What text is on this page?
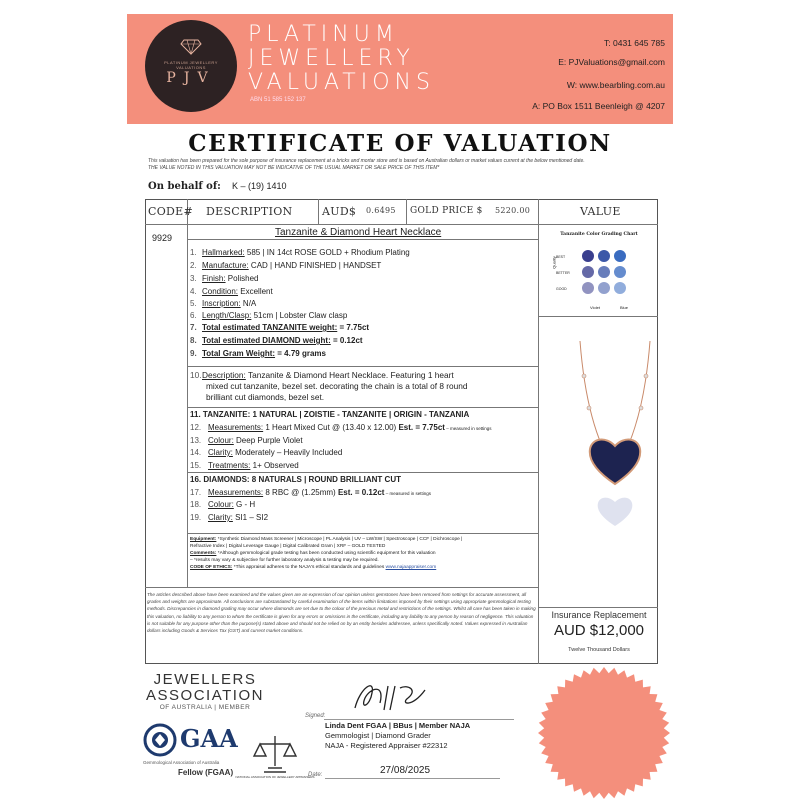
PLATINUM JEWELLERY VALUATIONS
PJV
PLATINUM
JEWELLERY
VALUATIONS
ABN 51 585 152 137
T: 0431 645 785
E: PJValuations@gmail.com
W: www.bearbling.com.au
A: PO Box 1511 Beenleigh @ 4207
CERTIFICATE OF VALUATION
This valuation has been prepared for the sole purpose of insurance replacement at a bricks and mortar store and is based on Australian dollars or market values current at the below mentioned date.
THE VALUE NOTED IN THIS VALUATION MAY NOT BE INDICATIVE OF THE USUAL MARKET OR SALE PRICE OF THIS ITEM*
On behalf of: K – (19) 1410
CODE# DESCRIPTION	AUD$ 0.6495 GOLD PRICE $ 5220.00	VALUE
9929	Tanzanite & Diamond Heart Necklace
1. Hallmarked: 585 | IN 14ct ROSE GOLD + Rhodium Plating
2. Manufacture: CAD | HAND FINISHED | HANDSET
3. Finish: Polished
4. Condition: Excellent
5. Inscription: N/A
6. Length/Clasp: 51cm | Lobster Claw clasp
7. Total estimated TANZANITE weight: = 7.75ct
8. Total estimated DIAMOND weight: = 0.12ct
9. Total Gram Weight: = 4.79 grams
10.Description: Tanzanite & Diamond Heart Necklace. Featuring 1 heart
mixed cut tanzanite, bezel set. decorating the chain is a total of 8 round
brilliant cut diamonds, bezel set.
11. TANZANITE: 1 NATURAL | ZOISTIE - TANZANITE | ORIGIN - TANZANIA
12. Measurements: 1 Heart Mixed Cut @ (13.40 x 12.00) Est. = 7.75ct – measured in settings
13. Colour: Deep Purple Violet
14. Clarity: Moderately – Heavily Included
15. Treatments: 1+ Observed
16. DIAMONDS: 8 NATURALS | ROUND BRILLIANT CUT
17. Measurements: 8 RBC @ (1.25mm) Est. = 0.12ct – measured in settings
18. Colour: G - H
19. Clarity: SI1 – SI2
Equipment: *Synthetic Diamond Mass Screener | Microscope | PL Analysis | UV – LW/SW | Spectroscope | CCF | Dichroscope |
Refractive Index | Digital Leverage Gauge | Digital Calibrated Gram | XRF – GOLD TESTED
Comments: *Although gemmological grade testing has been conducted using scientific equipment for this valuation
– *results may vary & subjective for further laboratory analysis & testing may be required.
CODE OF ETHICS: *This appraisal adheres to the NAJA's ethical standards and guidelines www.najaappraiser.com
Tanzanite Color Grading Chart
Quality BEST
BETTER
GOOD
Violet	Blue
Insurance Replacement
AUD $12,000
Twelve Thousand Dollars
The articles described above have been examined and the values given are an expression of our opinion unless gemstones have been removed from settings for accurate assessment, all grades and weights are approximate. All conclusions are substantiated by careful examination of the items within limitations imposed by their settings using appropriate gemmological testing methods. Discrepancies in diamond grading may occur where diamonds are set due to the colour of the precious metal and restrictions of the settings. Whilst all care has been taken in making this valuation, no liability to any person to whom the certificate is given for any errors or omissions in the certificate, including any liability to any person by reason of negligence. This valuation is not suitable for any purpose other than the purpose(s) stated above and should not be relied on by an entity besides addressee, unless specifically noted. Values expressed in Australian dollars including Goods & Services Tax (GST) and current market conditions.
JEWELLERS
ASSOCIATION
OF AUSTRALIA | MEMBER
Signed:
Linda Dent FGAA | BBus | Member NAJA
Gemmologist | Diamond Grader
NAJA - Registered Appraiser #22312
GAA
Gemmological Association of Australia
Fellow (FGAA) NATIONAL ASSOCIATION OF JEWELLERY APPRAISERS
Date:	27/08/2025
